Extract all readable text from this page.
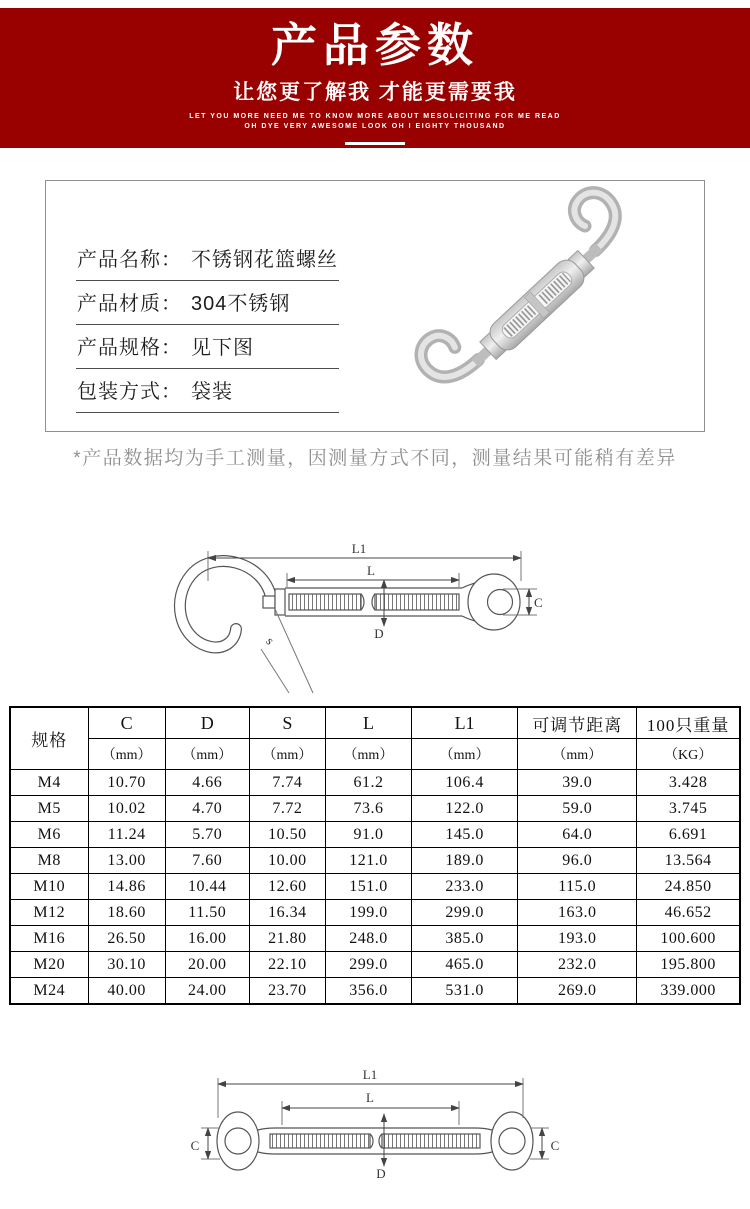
产品参数
让您更了解我 才能更需要我
LET YOU MORE NEED ME TO KNOW MORE ABOUT MESOLICITING FOR ME READ
OH DYE VERY AWESOME LOOK OH I EIGHTY THOUSAND
产品名称： 不锈钢花篮螺丝
产品材质： 304不锈钢
产品规格： 见下图
包装方式： 袋装
*产品数据均为手工测量，因测量方式不同，测量结果可能稍有差异
L1
L
D
C
s
规格	C	D	S	L	L1	可调节距离	100只重量
	（mm）	（mm）	（mm）	（mm）	（mm）	（mm）	（KG）
M4	10.70	4.66	7.74	61.2	106.4	39.0	3.428
M5	10.02	4.70	7.72	73.6	122.0	59.0	3.745
M6	11.24	5.70	10.50	91.0	145.0	64.0	6.691
M8	13.00	7.60	10.00	121.0	189.0	96.0	13.564
M10	14.86	10.44	12.60	151.0	233.0	115.0	24.850
M12	18.60	11.50	16.34	199.0	299.0	163.0	46.652
M16	26.50	16.00	21.80	248.0	385.0	193.0	100.600
M20	30.10	20.00	22.10	299.0	465.0	232.0	195.800
M24	40.00	24.00	23.70	356.0	531.0	269.0	339.000
L1
L
C	C
D
